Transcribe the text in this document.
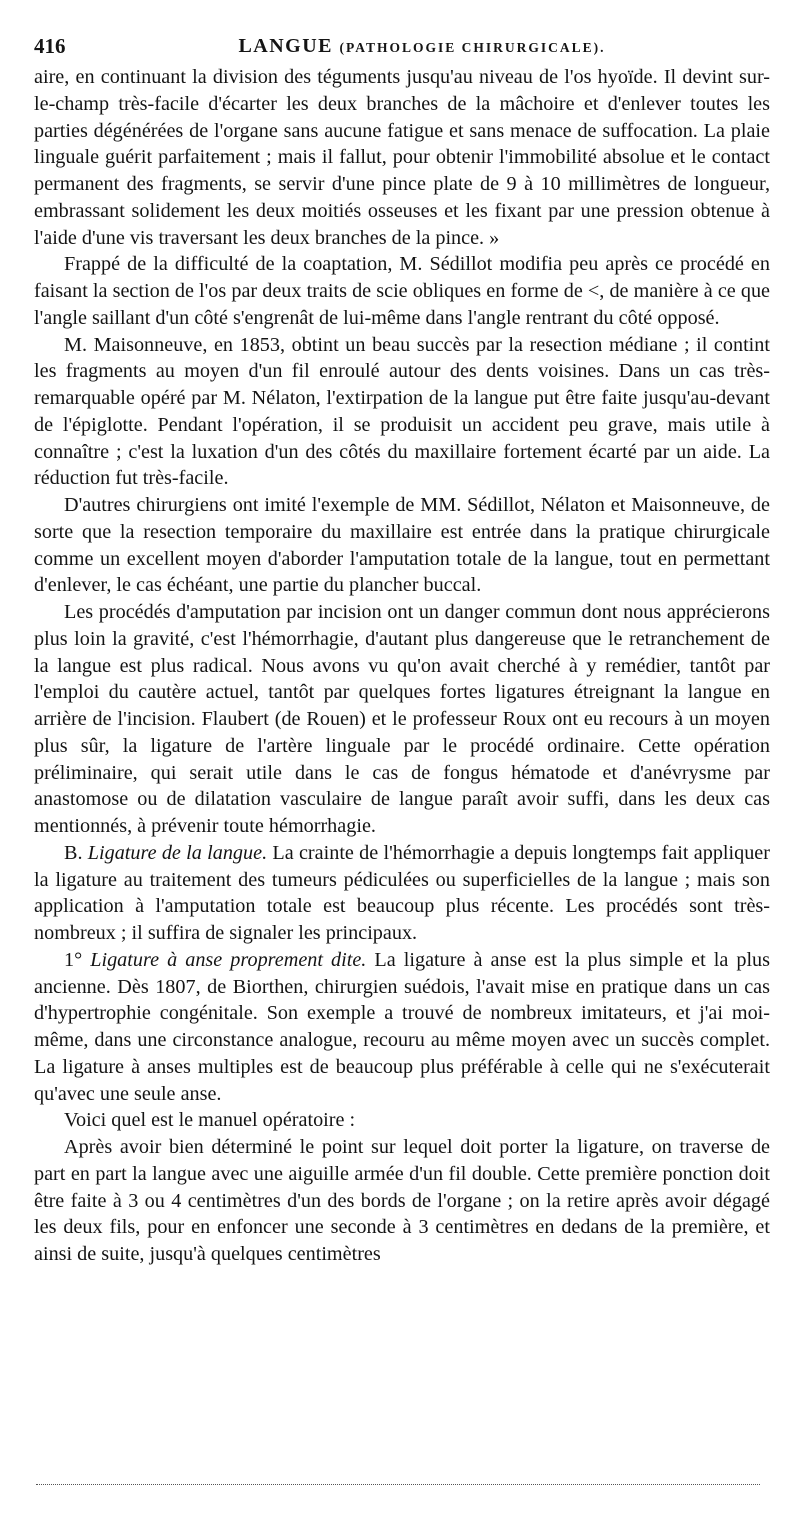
416	LANGUE (PATHOLOGIE CHIRURGICALE).

aire, en continuant la division des téguments jusqu'au niveau de l'os hyoïde. Il devint sur-le-champ très-facile d'écarter les deux branches de la mâchoire et d'enlever toutes les parties dégénérées de l'organe sans aucune fatigue et sans menace de suffocation. La plaie linguale guérit parfaitement ; mais il fallut, pour obtenir l'immobilité absolue et le contact permanent des fragments, se servir d'une pince plate de 9 à 10 millimètres de longueur, embrassant solidement les deux moitiés osseuses et les fixant par une pression obtenue à l'aide d'une vis traversant les deux branches de la pince. »

Frappé de la difficulté de la coaptation, M. Sédillot modifia peu après ce procédé en faisant la section de l'os par deux traits de scie obliques en forme de <, de manière à ce que l'angle saillant d'un côté s'engrenât de lui-même dans l'angle rentrant du côté opposé.

M. Maisonneuve, en 1853, obtint un beau succès par la resection médiane ; il contint les fragments au moyen d'un fil enroulé autour des dents voisines. Dans un cas très-remarquable opéré par M. Nélaton, l'extirpation de la langue put être faite jusqu'au-devant de l'épiglotte. Pendant l'opération, il se produisit un accident peu grave, mais utile à connaître ; c'est la luxation d'un des côtés du maxillaire fortement écarté par un aide. La réduction fut très-facile.

D'autres chirurgiens ont imité l'exemple de MM. Sédillot, Nélaton et Maisonneuve, de sorte que la resection temporaire du maxillaire est entrée dans la pratique chirurgicale comme un excellent moyen d'aborder l'amputation totale de la langue, tout en permettant d'enlever, le cas échéant, une partie du plancher buccal.

Les procédés d'amputation par incision ont un danger commun dont nous apprécierons plus loin la gravité, c'est l'hémorrhagie, d'autant plus dangereuse que le retranchement de la langue est plus radical. Nous avons vu qu'on avait cherché à y remédier, tantôt par l'emploi du cautère actuel, tantôt par quelques fortes ligatures étreignant la langue en arrière de l'incision. Flaubert (de Rouen) et le professeur Roux ont eu recours à un moyen plus sûr, la ligature de l'artère linguale par le procédé ordinaire. Cette opération préliminaire, qui serait utile dans le cas de fongus hématode et d'anévrysme par anastomose ou de dilatation vasculaire de langue paraît avoir suffi, dans les deux cas mentionnés, à prévenir toute hémorrhagie.

B. Ligature de la langue. La crainte de l'hémorrhagie a depuis longtemps fait appliquer la ligature au traitement des tumeurs pédiculées ou superficielles de la langue ; mais son application à l'amputation totale est beaucoup plus récente. Les procédés sont très-nombreux ; il suffira de signaler les principaux.

1° Ligature à anse proprement dite. La ligature à anse est la plus simple et la plus ancienne. Dès 1807, de Biorthen, chirurgien suédois, l'avait mise en pratique dans un cas d'hypertrophie congénitale. Son exemple a trouvé de nombreux imitateurs, et j'ai moi-même, dans une circonstance analogue, recouru au même moyen avec un succès complet. La ligature à anses multiples est de beaucoup plus préférable à celle qui ne s'exécuterait qu'avec une seule anse.

Voici quel est le manuel opératoire :

Après avoir bien déterminé le point sur lequel doit porter la ligature, on traverse de part en part la langue avec une aiguille armée d'un fil double. Cette première ponction doit être faite à 3 ou 4 centimètres d'un des bords de l'organe ; on la retire après avoir dégagé les deux fils, pour en enfoncer une seconde à 3 centimètres en dedans de la première, et ainsi de suite, jusqu'à quelques centimètres
